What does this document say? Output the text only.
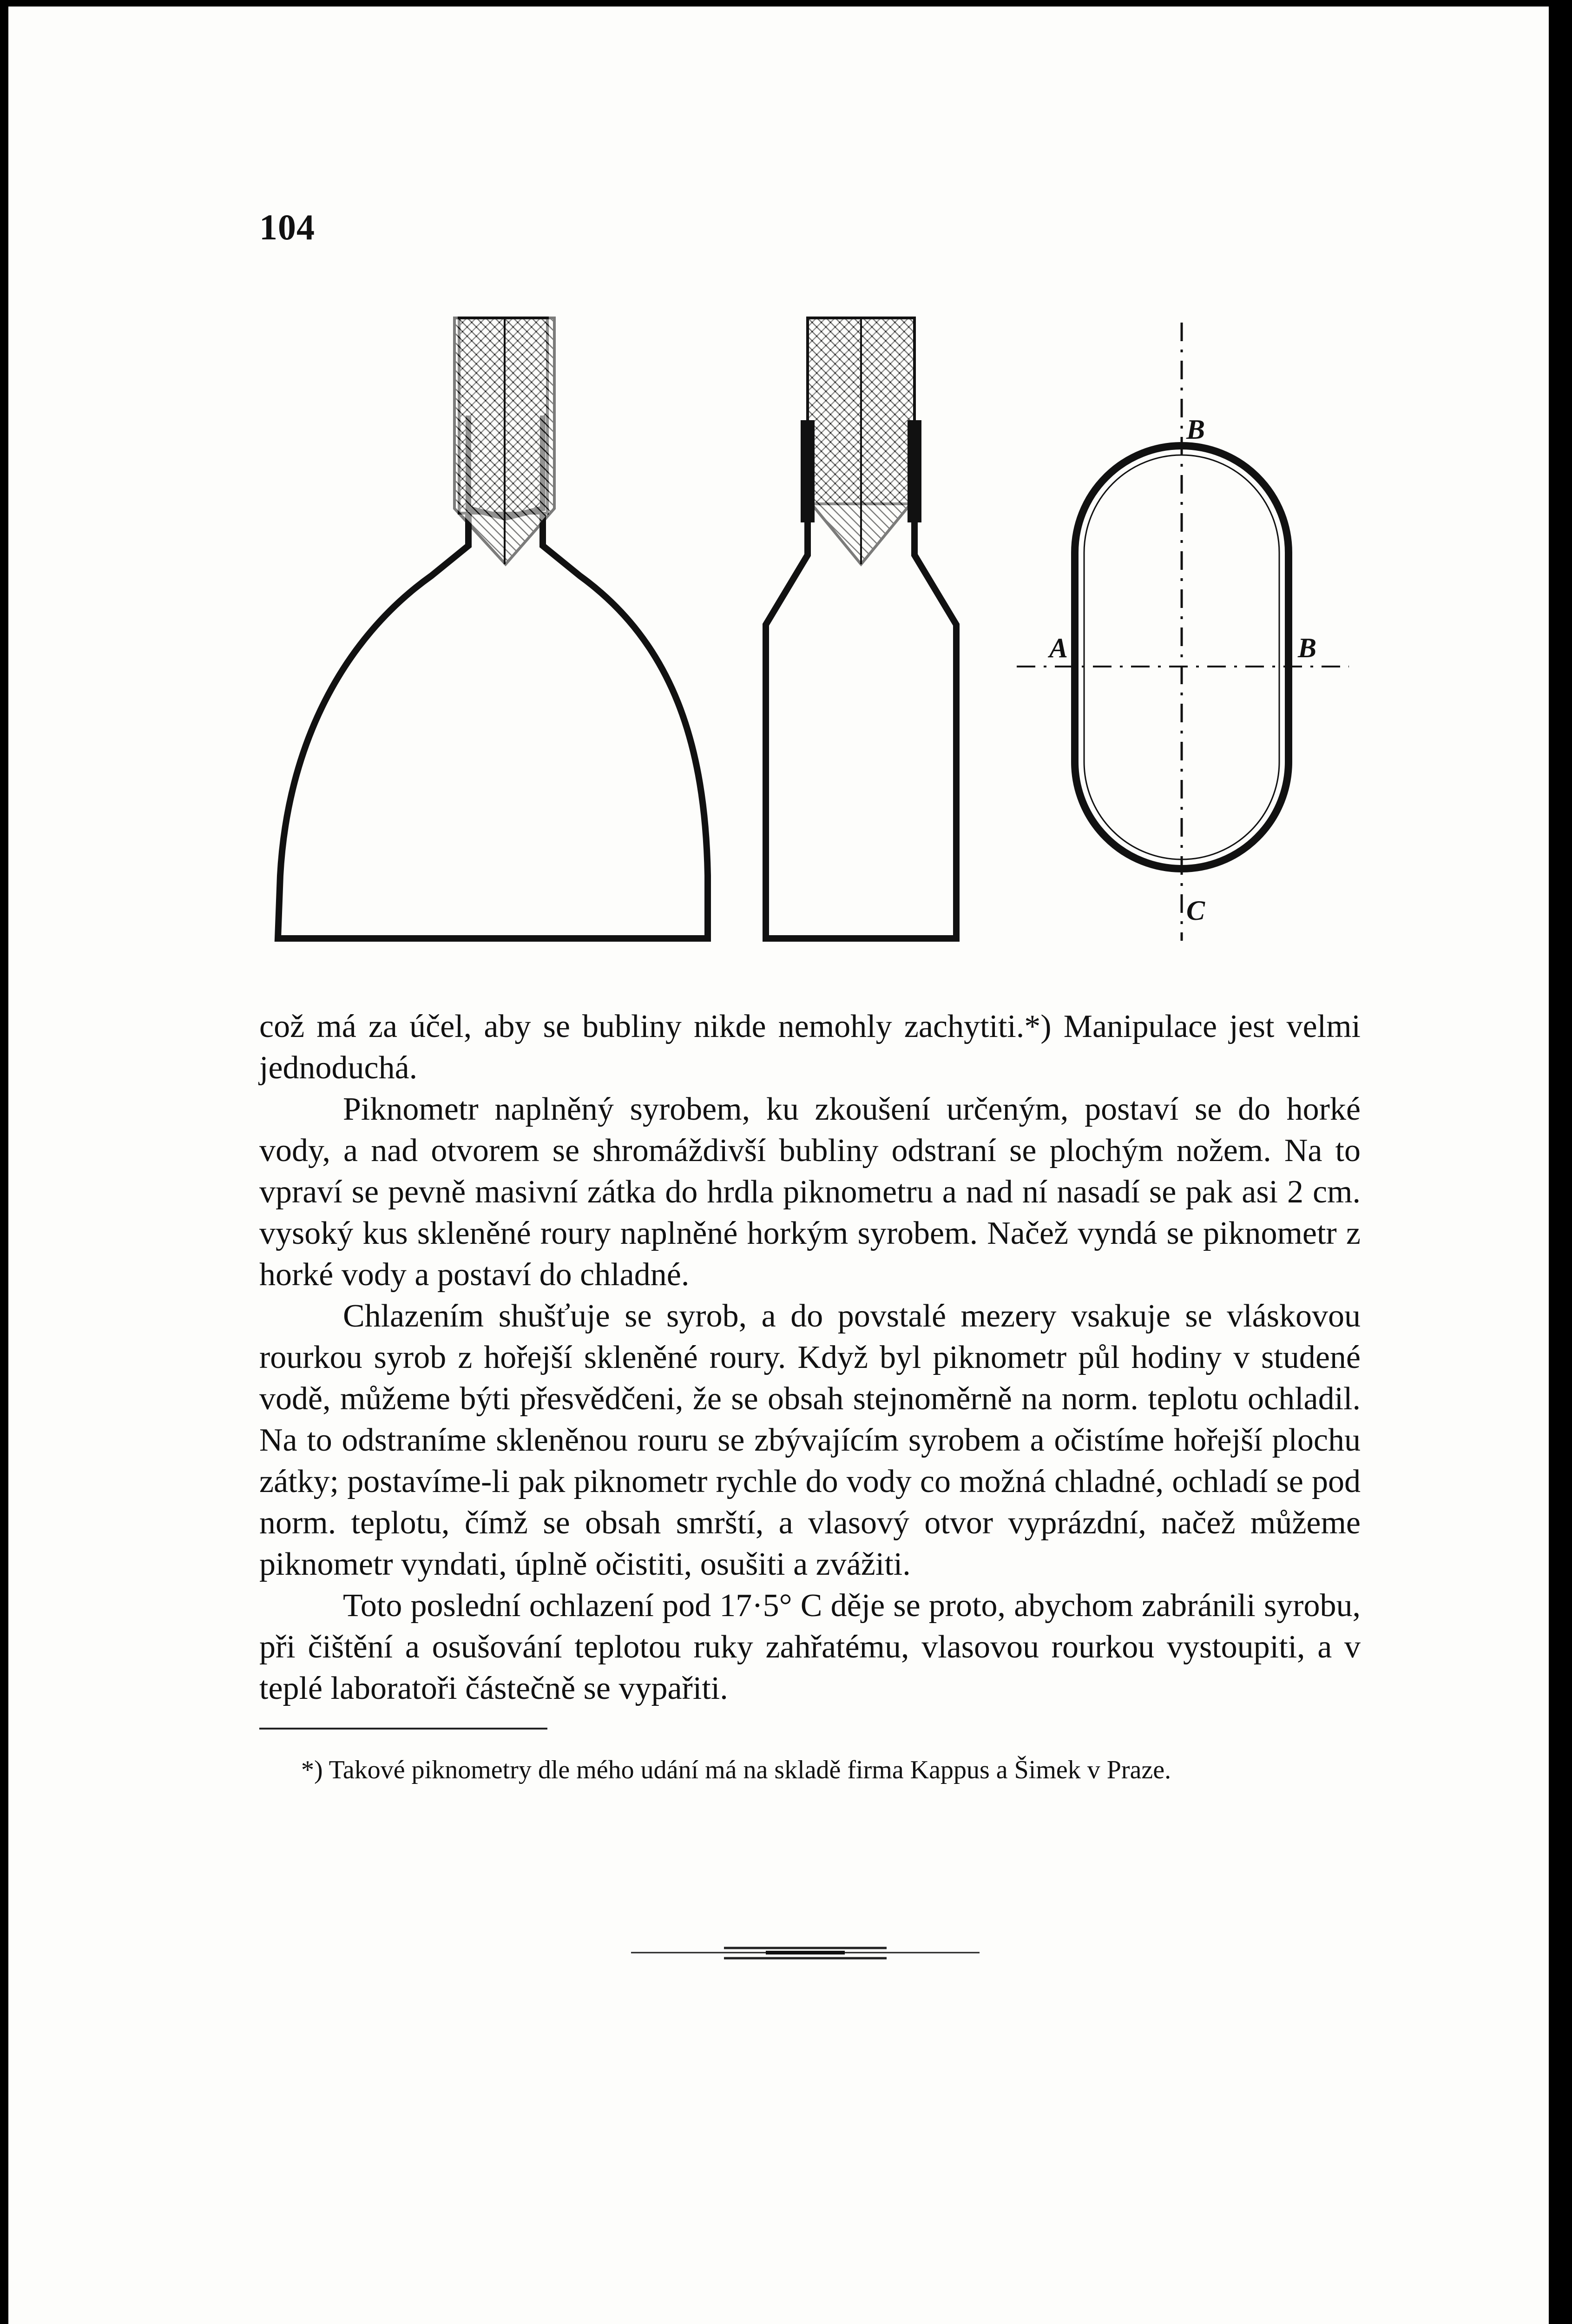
104
B
A	B
C

což má za účel, aby se bubliny nikde nemohly zachytiti.*) Manipulace jest velmi jednoduchá.

Piknometr naplněný syrobem, ku zkoušení určeným, postaví se do horké vody, a nad otvorem se shromáždivší bubliny odstraní se plochým nožem. Na to vpraví se pevně masivní zátka do hrdla piknometru a nad ní nasadí se pak asi 2 cm. vysoký kus skleněné roury naplněné horkým syrobem. Načež vyndá se piknometr z horké vody a postaví do chladné.

Chlazením shušťuje se syrob, a do povstalé mezery vsakuje se vláskovou rourkou syrob z hořejší skleněné roury. Když byl piknometr půl hodiny v studené vodě, můžeme býti přesvědčeni, že se obsah stejnoměrně na norm. teplotu ochladil. Na to odstraníme skleněnou rouru se zbývajícím syrobem a očistíme hořejší plochu zátky; postavíme-li pak piknometr rychle do vody co možná chladné, ochladí se pod norm. teplotu, čímž se obsah smrští, a vlasový otvor vyprázdní, načež můžeme piknometr vyndati, úplně očistiti, osušiti a zvážiti.

Toto poslední ochlazení pod 17·5° C děje se proto, abychom zabránili syrobu, při čištění a osušování teplotou ruky zahřatému, vlasovou rourkou vystoupiti, a v teplé laboratoři částečně se vypařiti.

*) Takové piknometry dle mého udání má na skladě firma Kappus a Šimek v Praze.
